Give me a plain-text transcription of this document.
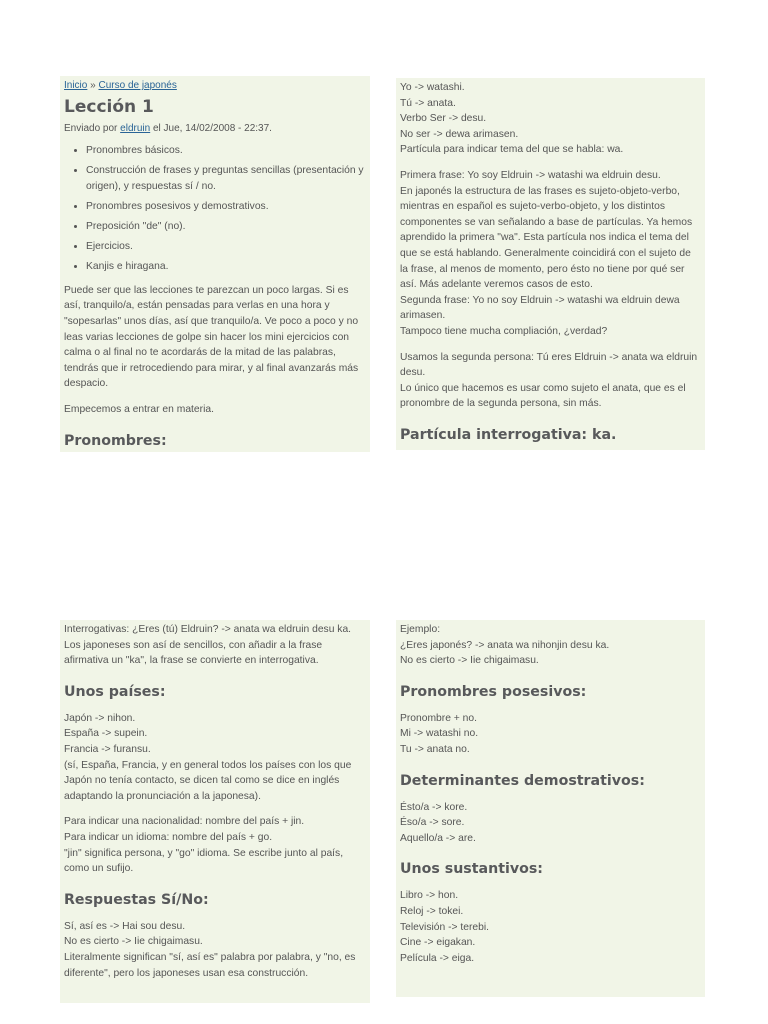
Inicio » Curso de japonés
Lección 1
Enviado por eldruin el Jue, 14/02/2008 - 22:37.
• Pronombres básicos.
• Construcción de frases y preguntas sencillas (presentación y origen), y respuestas sí / no.
• Pronombres posesivos y demostrativos.
• Preposición "de" (no).
• Ejercicios.
• Kanjis e hiragana.

Puede ser que las lecciones te parezcan un poco largas. Si es así, tranquilo/a, están pensadas para verlas en una hora y "sopesarlas" unos días, así que tranquilo/a. Ve poco a poco y no leas varias lecciones de golpe sin hacer los mini ejercicios con calma o al final no te acordarás de la mitad de las palabras, tendrás que ir retrocediendo para mirar, y al final avanzarás más despacio.

Empecemos a entrar en materia.

Pronombres:

Yo -> watashi.
Tú -> anata.
Verbo Ser -> desu.
No ser -> dewa arimasen.
Partícula para indicar tema del que se habla: wa.

Primera frase: Yo soy Eldruin -> watashi wa eldruin desu.
En japonés la estructura de las frases es sujeto-objeto-verbo, mientras en español es sujeto-verbo-objeto, y los distintos componentes se van señalando a base de partículas. Ya hemos aprendido la primera "wa". Esta partícula nos indica el tema del que se está hablando. Generalmente coincidirá con el sujeto de la frase, al menos de momento, pero ésto no tiene por qué ser así. Más adelante veremos casos de esto.
Segunda frase: Yo no soy Eldruin -> watashi wa eldruin dewa arimasen.
Tampoco tiene mucha compliación, ¿verdad?

Usamos la segunda persona: Tú eres Eldruin -> anata wa eldruin desu.
Lo único que hacemos es usar como sujeto el anata, que es el pronombre de la segunda persona, sin más.

Partícula interrogativa: ka.

Interrogativas: ¿Eres (tú) Eldruin? -> anata wa eldruin desu ka.
Los japoneses son así de sencillos, con añadir a la frase afirmativa un "ka", la frase se convierte en interrogativa.

Unos países:

Japón -> nihon.
España -> supein.
Francia -> furansu.
(sí, España, Francia, y en general todos los países con los que Japón no tenía contacto, se dicen tal como se dice en inglés adaptando la pronunciación a la japonesa).

Para indicar una nacionalidad: nombre del país + jin.
Para indicar un idioma: nombre del país + go.
"jin" significa persona, y "go" idioma. Se escribe junto al país, como un sufijo.

Respuestas Sí/No:

Sí, así es -> Hai sou desu.
No es cierto -> Iie chigaimasu.
Literalmente significan "sí, así es" palabra por palabra, y "no, es diferente", pero los japoneses usan esa construcción.

Ejemplo:
¿Eres japonés? -> anata wa nihonjin desu ka.
No es cierto -> Iie chigaimasu.

Pronombres posesivos:

Pronombre + no.
Mi -> watashi no.
Tu -> anata no.

Determinantes demostrativos:

Ésto/a -> kore.
Éso/a -> sore.
Aquello/a -> are.

Unos sustantivos:

Libro -> hon.
Reloj -> tokei.
Televisión -> terebi.
Cine -> eigakan.
Película -> eiga.
